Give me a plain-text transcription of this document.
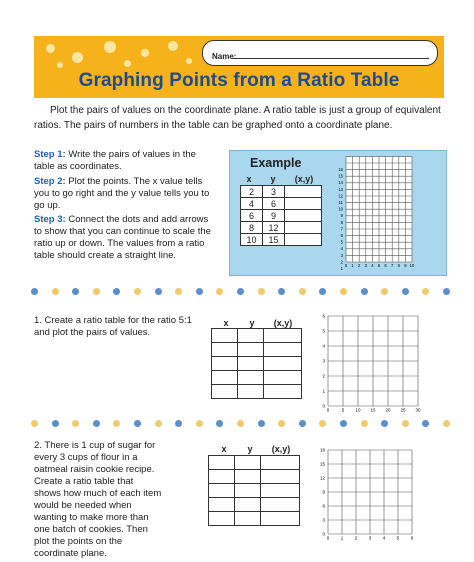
Name:
Graphing Points from a Ratio Table
Plot the pairs of values on the coordinate plane. A ratio table is just a group of equivalent ratios. The pairs of numbers in the table can be graphed onto a coordinate plane.
Step 1: Write the pairs of values in the table as coordinates.
Step 2: Plot the points. The x value tells you to go right and the y value tells you to go up.
Step 3: Connect the dots and add arrows to show that you can continue to scale the ratio up or down. The values from a ratio table should create a straight line.
Example
x	y	(x,y)
2	3	
4	6	
6	9	
8	12	
10	15	
0 1 2 3 4 5 6 7 8 9 10
16
15
14
13
12
11
10
9
8
7
6
5
4
3
2
1
1. Create a ratio table for the ratio 5:1 and plot the pairs of values.
x	y	(x,y)

0	5 10 15 20 25 30
6
5
4
3
2
1
0
2. There is 1 cup of sugar for every 3 cups of flour in a oatmeal raisin cookie recipe. Create a ratio table that shows how much of each item would be needed when wanting to make more than one batch of cookies. Then plot the points on the coordinate plane.
x	y	(x,y)

0	1	2	3	4	5	6
18
15
12
9
6
3
0
